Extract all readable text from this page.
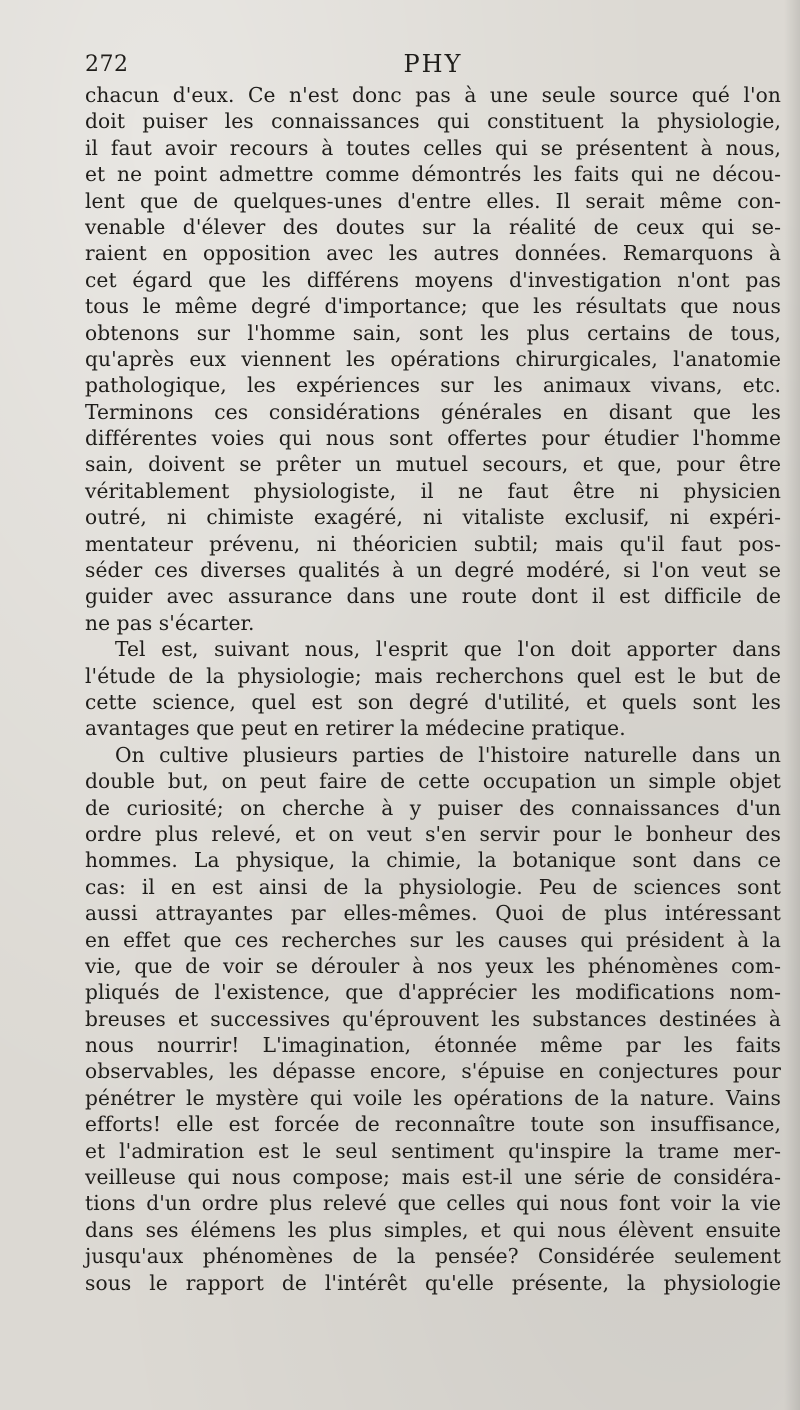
272	PHY
chacun d'eux. Ce n'est donc pas à une seule source qué l'on
doit puiser les connaissances qui constituent la physiologie,
il faut avoir recours à toutes celles qui se présentent à nous,
et ne point admettre comme démontrés les faits qui ne décou-
lent que de quelques-unes d'entre elles. Il serait même con-
venable d'élever des doutes sur la réalité de ceux qui se-
raient en opposition avec les autres données. Remarquons à
cet égard que les différens moyens d'investigation n'ont pas
tous le même degré d'importance; que les résultats que nous
obtenons sur l'homme sain, sont les plus certains de tous,
qu'après eux viennent les opérations chirurgicales, l'anatomie
pathologique, les expériences sur les animaux vivans, etc.
Terminons ces considérations générales en disant que les
différentes voies qui nous sont offertes pour étudier l'homme
sain, doivent se prêter un mutuel secours, et que, pour être
véritablement physiologiste, il ne faut être ni physicien
outré, ni chimiste exagéré, ni vitaliste exclusif, ni expéri-
mentateur prévenu, ni théoricien subtil; mais qu'il faut pos-
séder ces diverses qualités à un degré modéré, si l'on veut se
guider avec assurance dans une route dont il est difficile de
ne pas s'écarter.
Tel est, suivant nous, l'esprit que l'on doit apporter dans
l'étude de la physiologie; mais recherchons quel est le but de
cette science, quel est son degré d'utilité, et quels sont les
avantages que peut en retirer la médecine pratique.
On cultive plusieurs parties de l'histoire naturelle dans un
double but, on peut faire de cette occupation un simple objet
de curiosité; on cherche à y puiser des connaissances d'un
ordre plus relevé, et on veut s'en servir pour le bonheur des
hommes. La physique, la chimie, la botanique sont dans ce
cas: il en est ainsi de la physiologie. Peu de sciences sont
aussi attrayantes par elles-mêmes. Quoi de plus intéressant
en effet que ces recherches sur les causes qui président à la
vie, que de voir se dérouler à nos yeux les phénomènes com-
pliqués de l'existence, que d'apprécier les modifications nom-
breuses et successives qu'éprouvent les substances destinées à
nous nourrir! L'imagination, étonnée même par les faits
observables, les dépasse encore, s'épuise en conjectures pour
pénétrer le mystère qui voile les opérations de la nature. Vains
efforts! elle est forcée de reconnaître toute son insuffisance,
et l'admiration est le seul sentiment qu'inspire la trame mer-
veilleuse qui nous compose; mais est-il une série de considéra-
tions d'un ordre plus relevé que celles qui nous font voir la vie
dans ses élémens les plus simples, et qui nous élèvent ensuite
jusqu'aux phénomènes de la pensée? Considérée seulement
sous le rapport de l'intérêt qu'elle présente, la physiologie
